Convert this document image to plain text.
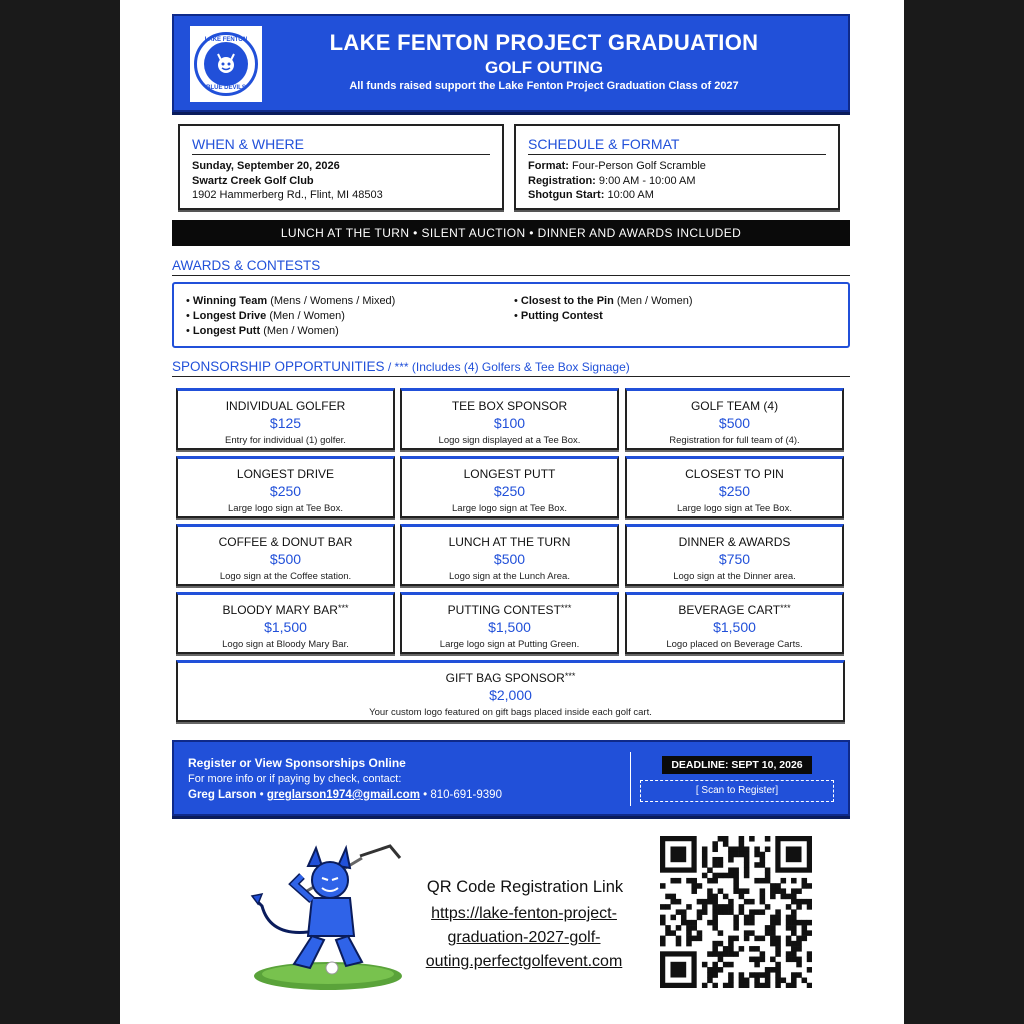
LAKE FENTON
BLUE DEVILS
LAKE FENTON PROJECT GRADUATION
GOLF OUTING
All funds raised support the Lake Fenton Project Graduation Class of 2027
WHEN & WHERE
Sunday, September 20, 2026
Swartz Creek Golf Club
1902 Hammerberg Rd., Flint, MI 48503
SCHEDULE & FORMAT
Format: Four-Person Golf Scramble
Registration: 9:00 AM - 10:00 AM
Shotgun Start: 10:00 AM
LUNCH AT THE TURN • SILENT AUCTION • DINNER AND AWARDS INCLUDED
AWARDS & CONTESTS
• Winning Team (Mens / Womens / Mixed)
• Longest Drive (Men / Women)
• Longest Putt (Men / Women)
• Closest to the Pin (Men / Women)
• Putting Contest
SPONSORSHIP OPPORTUNITIES / *** (Includes (4) Golfers & Tee Box Signage)
INDIVIDUAL GOLFER
$125
Entry for individual (1) golfer.
TEE BOX SPONSOR
$100
Logo sign displayed at a Tee Box.
GOLF TEAM (4)
$500
Registration for full team of (4).
LONGEST DRIVE
$250
Large logo sign at Tee Box.
LONGEST PUTT
$250
Large logo sign at Tee Box.
CLOSEST TO PIN
$250
Large logo sign at Tee Box.
COFFEE & DONUT BAR
$500
Logo sign at the Coffee station.
LUNCH AT THE TURN
$500
Logo sign at the Lunch Area.
DINNER & AWARDS
$750
Logo sign at the Dinner area.
BLOODY MARY BAR***
$1,500
Logo sign at Bloody Mary Bar.
PUTTING CONTEST***
$1,500
Large logo sign at Putting Green.
BEVERAGE CART***
$1,500
Logo placed on Beverage Carts.
GIFT BAG SPONSOR***
$2,000
Your custom logo featured on gift bags placed inside each golf cart.
Register or View Sponsorships Online
For more info or if paying by check, contact:
Greg Larson • greglarson1974@gmail.com • 810-691-9390
DEADLINE: SEPT 10, 2026
[ Scan to Register]
QR Code Registration Link
https://lake-fenton-project-graduation-2027-golf-outing.perfectgolfevent.com
